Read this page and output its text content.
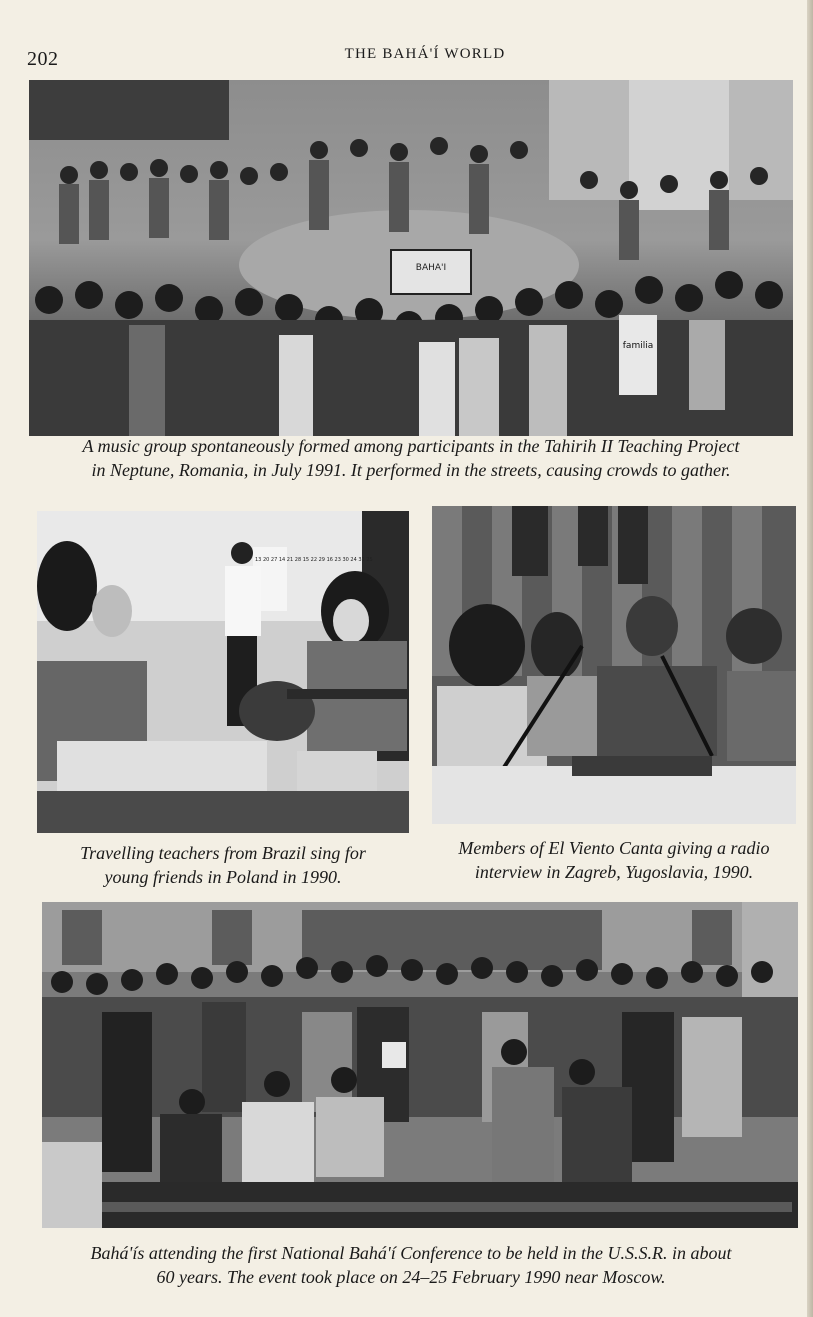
202	THE BAHÁ'Í WORLD
BAHA'I
familia
A music group spontaneously formed among participants in the Tahirih II Teaching Project
in Neptune, Romania, in July 1991. It performed in the streets, causing crowds to gather.
13 20 27 14 21 28 15 22 29 16 23 30 24 31 25
Travelling teachers from Brazil sing for
young friends in Poland in 1990.
Members of El Viento Canta giving a radio
interview in Zagreb, Yugoslavia, 1990.
Bahá'ís attending the first National Bahá'í Conference to be held in the U.S.S.R. in about
60 years. The event took place on 24–25 February 1990 near Moscow.
